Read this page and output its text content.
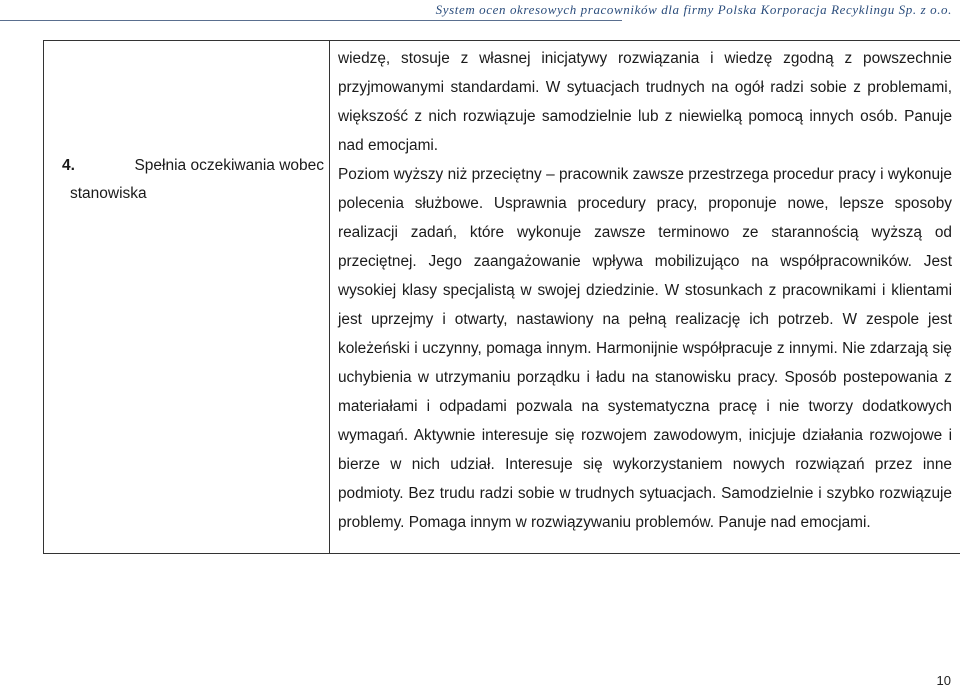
System ocen okresowych pracowników dla firmy Polska Korporacja Recyklingu Sp. z o.o.
4.	Spełnia oczekiwania wobec
stanowiska

wiedzę, stosuje z własnej inicjatywy rozwiązania i wiedzę zgodną z powszechnie przyjmowanymi standardami. W sytuacjach trudnych na ogół radzi sobie z problemami, większość z nich rozwiązuje samodzielnie lub z niewielką pomocą innych osób. Panuje nad emocjami.

Poziom wyższy niż przeciętny – pracownik zawsze przestrzega procedur pracy i wykonuje polecenia służbowe. Usprawnia procedury pracy, proponuje nowe, lepsze sposoby realizacji zadań, które wykonuje zawsze terminowo ze starannością wyższą od przeciętnej. Jego zaangażowanie wpływa mobilizująco na współpracowników. Jest wysokiej klasy specjalistą w swojej dziedzinie. W stosunkach z pracownikami i klientami jest uprzejmy i otwarty, nastawiony na pełną realizację ich potrzeb. W zespole jest koleżeński i uczynny, pomaga innym. Harmonijnie współpracuje z innymi. Nie zdarzają się uchybienia w utrzymaniu porządku i ładu na stanowisku pracy. Sposób postepowania z materiałami i odpadami pozwala na systematyczna pracę i nie tworzy dodatkowych wymagań. Aktywnie interesuje się rozwojem zawodowym, inicjuje działania rozwojowe i bierze w nich udział. Interesuje się wykorzystaniem nowych rozwiązań przez inne podmioty. Bez trudu radzi sobie w trudnych sytuacjach. Samodzielnie i szybko rozwiązuje problemy. Pomaga innym w rozwiązywaniu problemów. Panuje nad emocjami.

10
